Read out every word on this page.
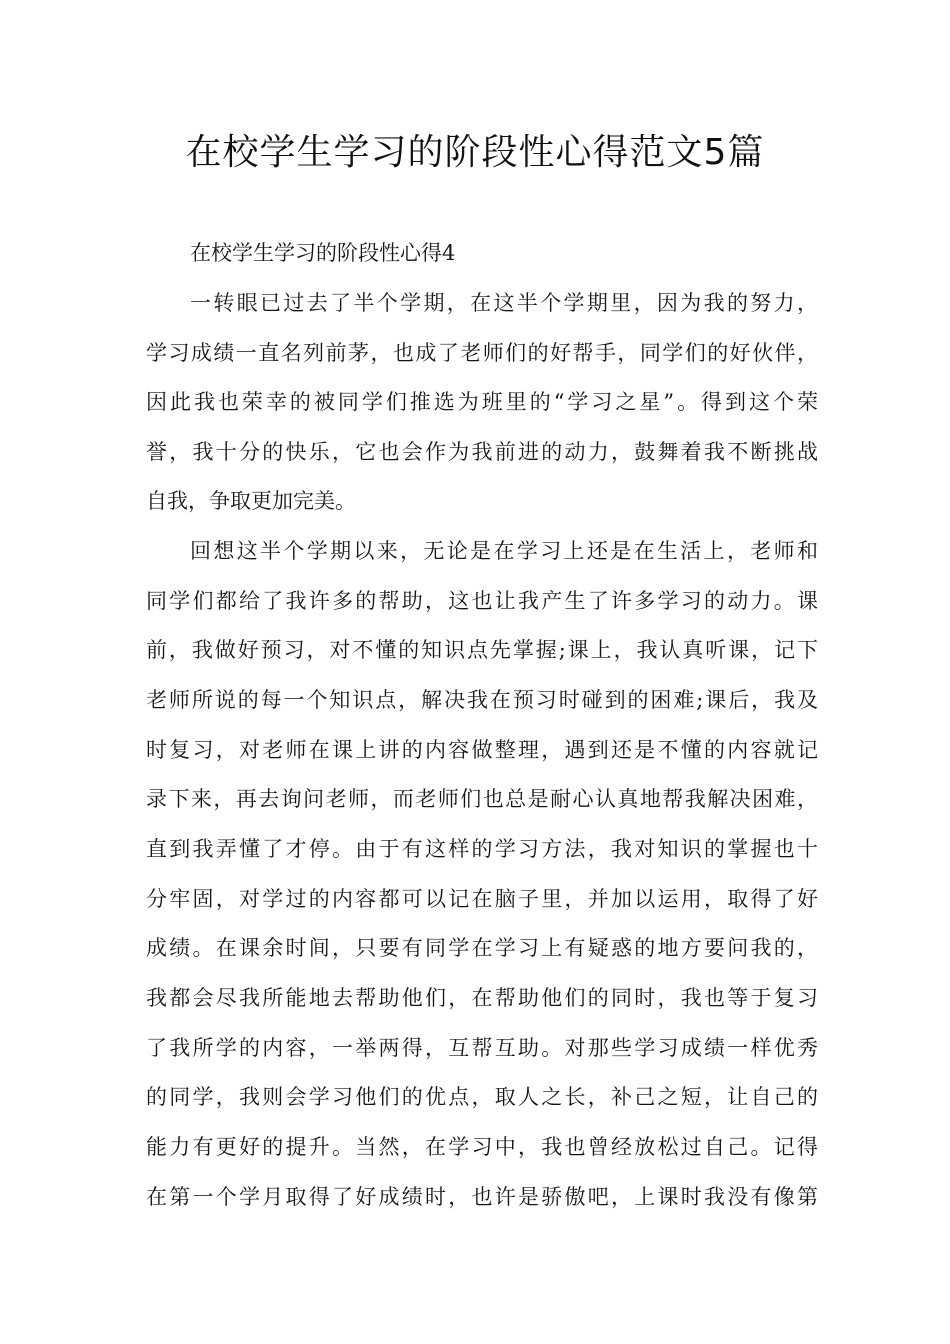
在校学生学习的阶段性心得范文5篇
在校学生学习的阶段性心得4
一转眼已过去了半个学期，在这半个学期里，因为我的努力，
学习成绩一直名列前茅，也成了老师们的好帮手，同学们的好伙伴，
因此我也荣幸的被同学们推选为班里的“学习之星”。得到这个荣
誉，我十分的快乐，它也会作为我前进的动力，鼓舞着我不断挑战
自我，争取更加完美。
回想这半个学期以来，无论是在学习上还是在生活上，老师和
同学们都给了我许多的帮助，这也让我产生了许多学习的动力。课
前，我做好预习，对不懂的知识点先掌握;课上，我认真听课，记下
老师所说的每一个知识点，解决我在预习时碰到的困难;课后，我及
时复习，对老师在课上讲的内容做整理，遇到还是不懂的内容就记
录下来，再去询问老师，而老师们也总是耐心认真地帮我解决困难，
直到我弄懂了才停。由于有这样的学习方法，我对知识的掌握也十
分牢固，对学过的内容都可以记在脑子里，并加以运用，取得了好
成绩。在课余时间，只要有同学在学习上有疑惑的地方要问我的，
我都会尽我所能地去帮助他们，在帮助他们的同时，我也等于复习
了我所学的内容，一举两得，互帮互助。对那些学习成绩一样优秀
的同学，我则会学习他们的优点，取人之长，补己之短，让自己的
能力有更好的提升。当然，在学习中，我也曾经放松过自己。记得
在第一个学月取得了好成绩时，也许是骄傲吧，上课时我没有像第
